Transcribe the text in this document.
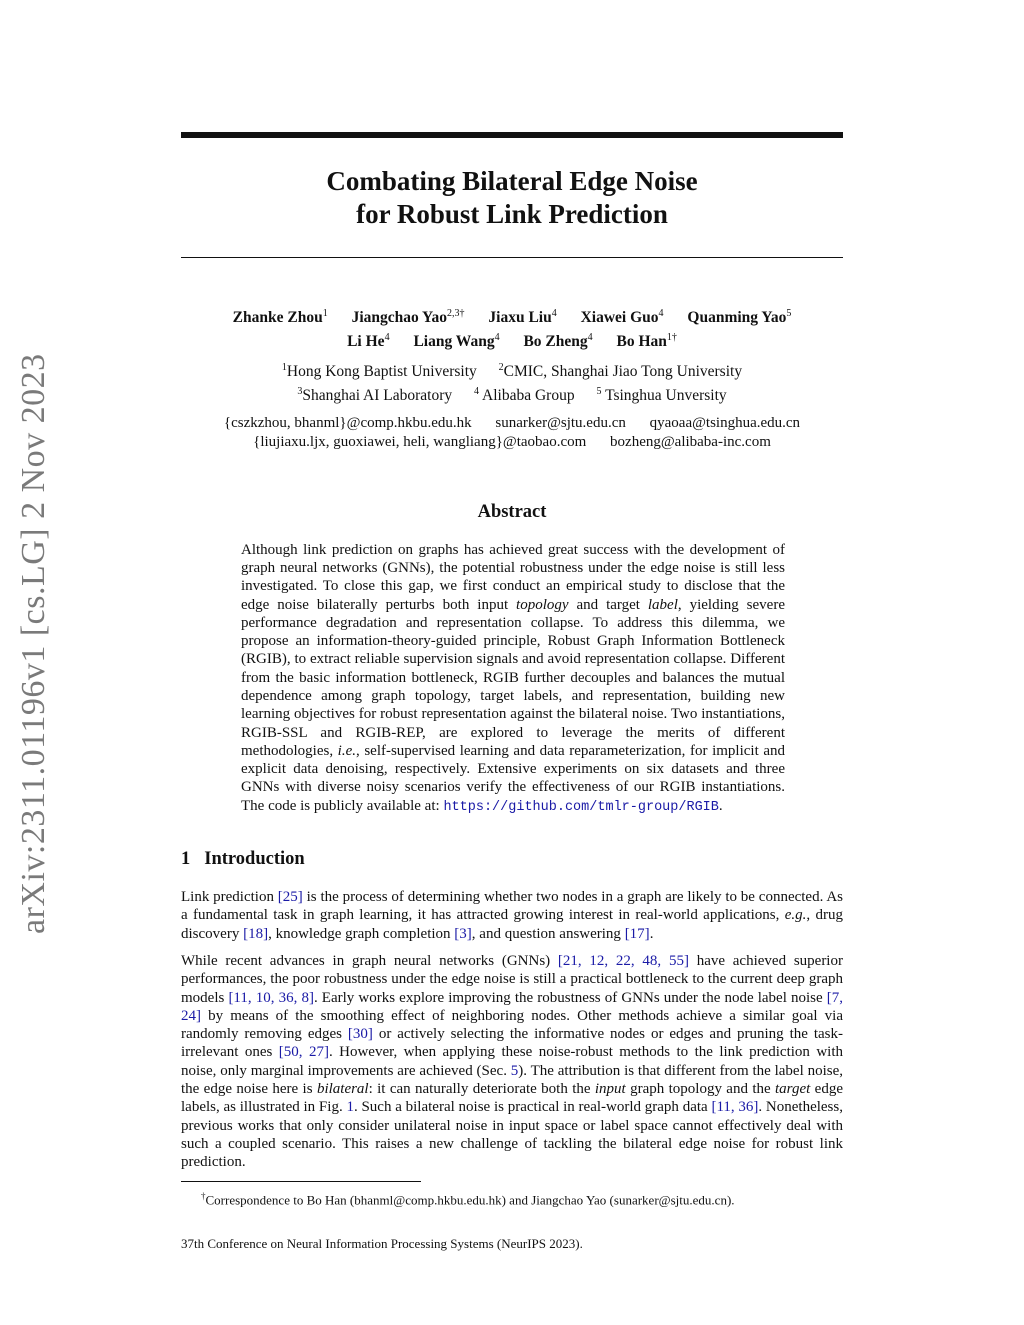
arXiv:2311.01196v1 [cs.LG] 2 Nov 2023
Combating Bilateral Edge Noise
for Robust Link Prediction
Zhanke Zhou$^1$ Jiangchao Yao$^{2,3\dagger}$ Jiaxu Liu$^4$ Xiawei Guo$^4$ Quanming Yao$^5$
Li He$^4$ Liang Wang$^4$ Bo Zheng$^4$ Bo Han$^{1\dagger}$
$^1$Hong Kong Baptist University $^2$CMIC, Shanghai Jiao Tong University
$^3$Shanghai AI Laboratory $^4$ Alibaba Group $^5$ Tsinghua Unversity
{cszkzhou, bhanml}@comp.hkbu.edu.hk sunarker@sjtu.edu.cn qyaoaa@tsinghua.edu.cn
{liujiaxu.ljx, guoxiawei, heli, wangliang}@taobao.com bozheng@alibaba-inc.com
Abstract
Although link prediction on graphs has achieved great success with the development of graph neural networks (GNNs), the potential robustness under the edge noise is still less investigated. To close this gap, we first conduct an empirical study to disclose that the edge noise bilaterally perturbs both input topology and target label, yielding severe performance degradation and representation collapse. To address this dilemma, we propose an information-theory-guided principle, Robust Graph Information Bottleneck (RGIB), to extract reliable supervision signals and avoid representation collapse. Different from the basic information bottleneck, RGIB further decouples and balances the mutual dependence among graph topology, target labels, and representation, building new learning objectives for robust representation against the bilateral noise. Two instantiations, RGIB-SSL and RGIB-REP, are explored to leverage the merits of different methodologies, i.e., self-supervised learning and data reparameterization, for implicit and explicit data denoising, respectively. Extensive experiments on six datasets and three GNNs with diverse noisy scenarios verify the effectiveness of our RGIB instantiations. The code is publicly available at: https://github.com/tmlr-group/RGIB.
1 Introduction
Link prediction [25] is the process of determining whether two nodes in a graph are likely to be connected. As a fundamental task in graph learning, it has attracted growing interest in real-world applications, e.g., drug discovery [18], knowledge graph completion [3], and question answering [17].
While recent advances in graph neural networks (GNNs) [21, 12, 22, 48, 55] have achieved superior performances, the poor robustness under the edge noise is still a practical bottleneck to the current deep graph models [11, 10, 36, 8]. Early works explore improving the robustness of GNNs under the node label noise [7, 24] by means of the smoothing effect of neighboring nodes. Other methods achieve a similar goal via randomly removing edges [30] or actively selecting the informative nodes or edges and pruning the task-irrelevant ones [50, 27]. However, when applying these noise-robust methods to the link prediction with noise, only marginal improvements are achieved (Sec. 5). The attribution is that different from the label noise, the edge noise here is bilateral: it can naturally deteriorate both the input graph topology and the target edge labels, as illustrated in Fig. 1. Such a bilateral noise is practical in real-world graph data [11, 36]. Nonetheless, previous works that only consider unilateral noise in input space or label space cannot effectively deal with such a coupled scenario. This raises a new challenge of tackling the bilateral edge noise for robust link prediction.
†Correspondence to Bo Han (bhanml@comp.hkbu.edu.hk) and Jiangchao Yao (sunarker@sjtu.edu.cn).
37th Conference on Neural Information Processing Systems (NeurIPS 2023).
